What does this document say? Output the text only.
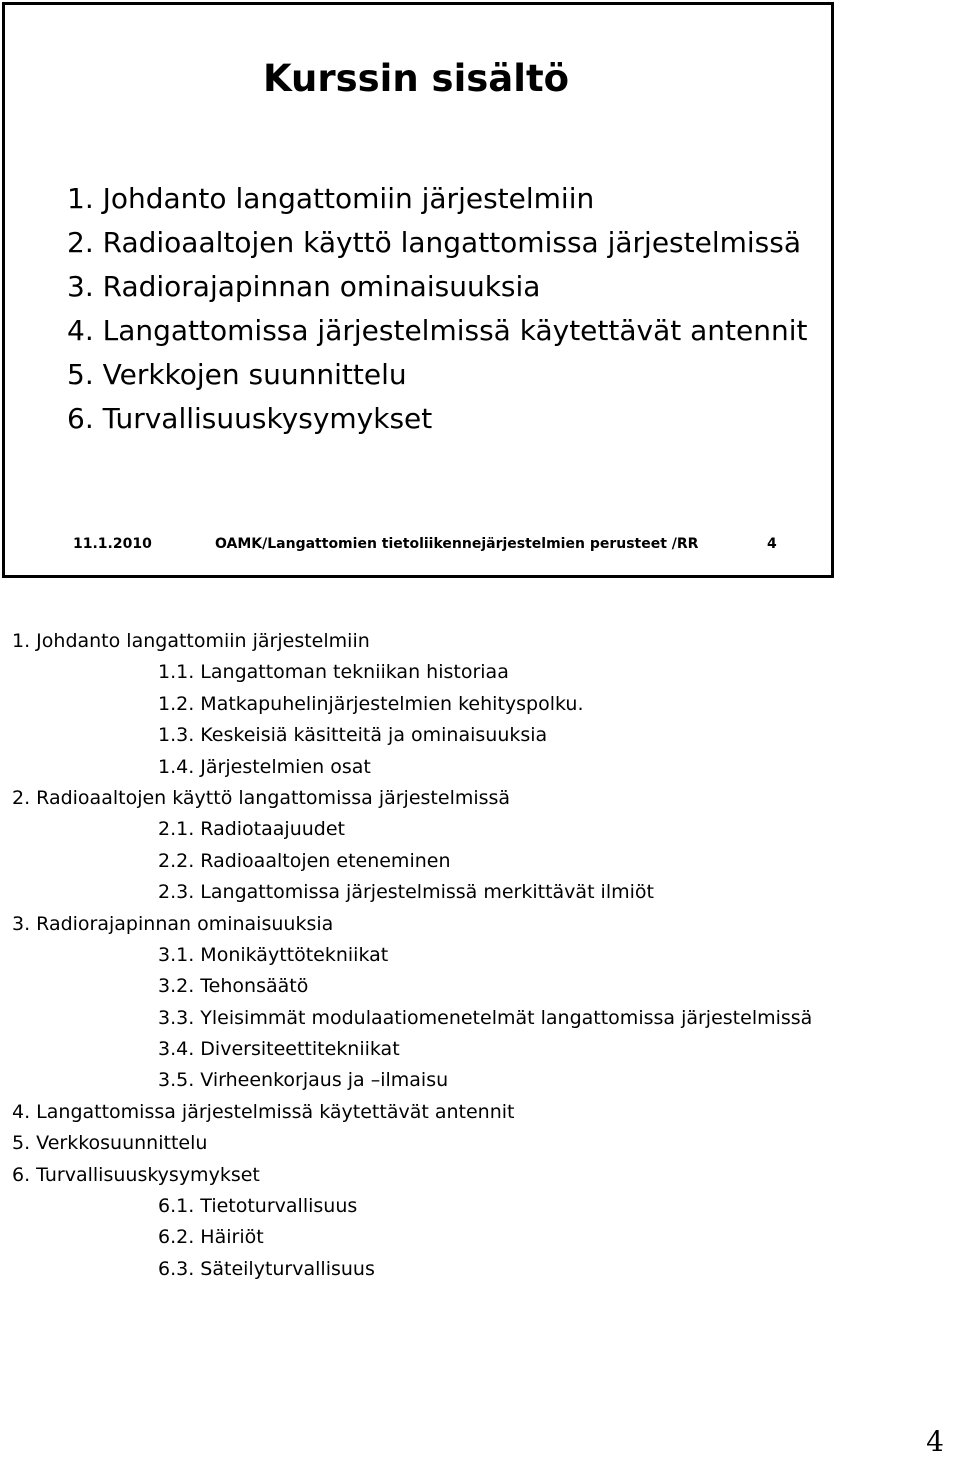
Kurssin sisältö
1. Johdanto langattomiin järjestelmiin
2. Radioaaltojen käyttö langattomissa järjestelmissä
3. Radiorajapinnan ominaisuuksia
4. Langattomissa järjestelmissä käytettävät antennit
5. Verkkojen suunnittelu
6. Turvallisuuskysymykset
11.1.2010	OAMK/Langattomien tietoliikennejärjestelmien perusteet /RR	4
1. Johdanto langattomiin järjestelmiin
1.1. Langattoman tekniikan historiaa
1.2. Matkapuhelinjärjestelmien kehityspolku.
1.3. Keskeisiä käsitteitä ja ominaisuuksia
1.4. Järjestelmien osat
2. Radioaaltojen käyttö langattomissa järjestelmissä
2.1. Radiotaajuudet
2.2. Radioaaltojen eteneminen
2.3. Langattomissa järjestelmissä merkittävät ilmiöt
3. Radiorajapinnan ominaisuuksia
3.1. Monikäyttötekniikat
3.2. Tehonsäätö
3.3. Yleisimmät modulaatiomenetelmät langattomissa järjestelmissä
3.4. Diversiteettitekniikat
3.5. Virheenkorjaus ja –ilmaisu
4. Langattomissa järjestelmissä käytettävät antennit
5. Verkkosuunnittelu
6. Turvallisuuskysymykset
6.1. Tietoturvallisuus
6.2. Häiriöt
6.3. Säteilyturvallisuus
4
